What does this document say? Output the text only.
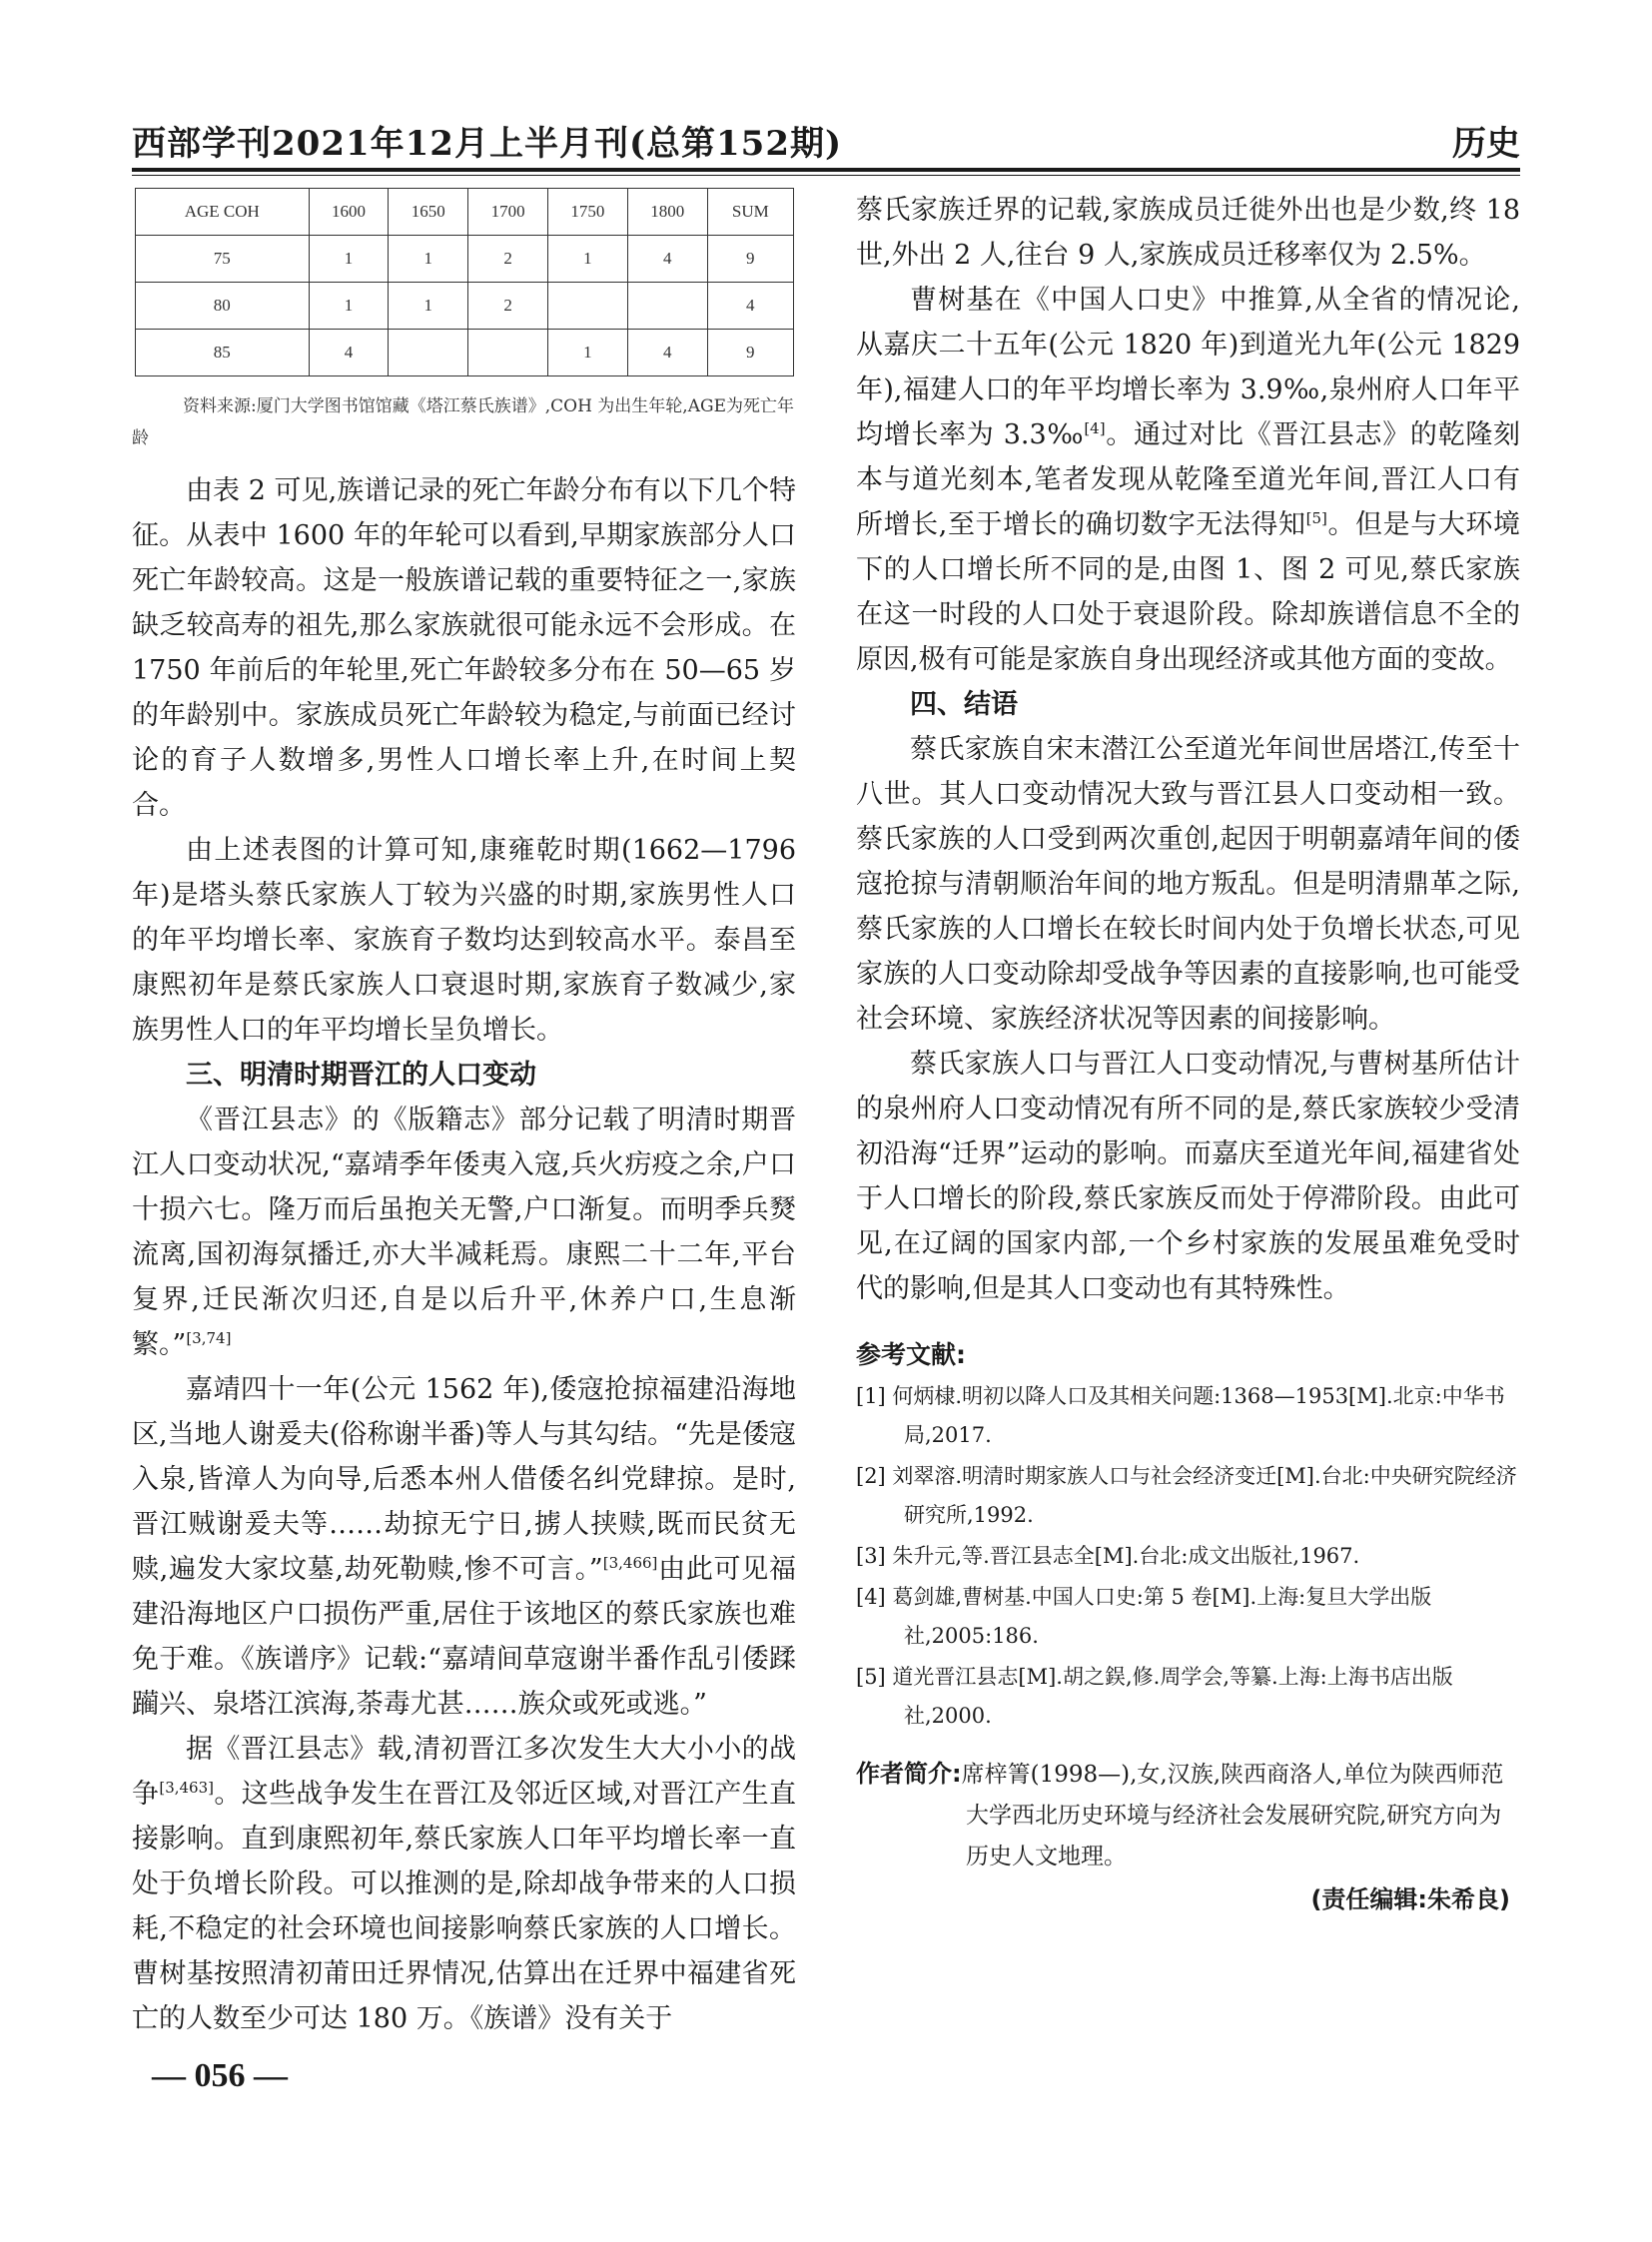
西部学刊2021年12月上半月刊(总第152期)	历史
AGE COH	1600	1650	1700	1750	1800	SUM
75	1	1	2	1	4	9
80	1	1	2			4
85	4			1	4	9
资料来源:厦门大学图书馆馆藏《塔江蔡氏族谱》,COH 为出生年轮,AGE为死亡年龄

由表 2 可见,族谱记录的死亡年龄分布有以下几个特征。从表中 1600 年的年轮可以看到,早期家族部分人口死亡年龄较高。这是一般族谱记载的重要特征之一,家族缺乏较高寿的祖先,那么家族就很可能永远不会形成。在 1750 年前后的年轮里,死亡年龄较多分布在 50—65 岁的年龄别中。家族成员死亡年龄较为稳定,与前面已经讨论的育子人数增多,男性人口增长率上升,在时间上契合。

由上述表图的计算可知,康雍乾时期(1662—1796 年)是塔头蔡氏家族人丁较为兴盛的时期,家族男性人口的年平均增长率、家族育子数均达到较高水平。泰昌至康熙初年是蔡氏家族人口衰退时期,家族育子数减少,家族男性人口的年平均增长呈负增长。

三、明清时期晋江的人口变动

《晋江县志》的《版籍志》部分记载了明清时期晋江人口变动状况,“嘉靖季年倭夷入寇,兵火疠疫之余,户口十损六七。隆万而后虽抱关无警,户口渐复。而明季兵燹流离,国初海氛播迁,亦大半减耗焉。康熙二十二年,平台复界,迁民渐次归还,自是以后升平,休养户口,生息渐繁。”[3,74]

嘉靖四十一年(公元 1562 年),倭寇抢掠福建沿海地区,当地人谢爰夫(俗称谢半番)等人与其勾结。“先是倭寇入泉,皆漳人为向导,后悉本州人借倭名纠党肆掠。是时,晋江贼谢爰夫等……劫掠无宁日,掳人挟赎,既而民贫无赎,遍发大家坟墓,劫死勒赎,惨不可言。”[3,466]由此可见福建沿海地区户口损伤严重,居住于该地区的蔡氏家族也难免于难。《族谱序》记载:“嘉靖间草寇谢半番作乱引倭蹂躏兴、泉塔江滨海,荼毒尤甚……族众或死或逃。”

据《晋江县志》载,清初晋江多次发生大大小小的战争[3,463]。这些战争发生在晋江及邻近区域,对晋江产生直接影响。直到康熙初年,蔡氏家族人口年平均增长率一直处于负增长阶段。可以推测的是,除却战争带来的人口损耗,不稳定的社会环境也间接影响蔡氏家族的人口增长。曹树基按照清初莆田迁界情况,估算出在迁界中福建省死亡的人数至少可达 180 万。《族谱》没有关于

蔡氏家族迁界的记载,家族成员迁徙外出也是少数,终 18 世,外出 2 人,往台 9 人,家族成员迁移率仅为 2.5%。

曹树基在《中国人口史》中推算,从全省的情况论,从嘉庆二十五年(公元 1820 年)到道光九年(公元 1829 年),福建人口的年平均增长率为 3.9‰,泉州府人口年平均增长率为 3.3‰[4]。通过对比《晋江县志》的乾隆刻本与道光刻本,笔者发现从乾隆至道光年间,晋江人口有所增长,至于增长的确切数字无法得知[5]。但是与大环境下的人口增长所不同的是,由图 1、图 2 可见,蔡氏家族在这一时段的人口处于衰退阶段。除却族谱信息不全的原因,极有可能是家族自身出现经济或其他方面的变故。

四、结语

蔡氏家族自宋末潜江公至道光年间世居塔江,传至十八世。其人口变动情况大致与晋江县人口变动相一致。蔡氏家族的人口受到两次重创,起因于明朝嘉靖年间的倭寇抢掠与清朝顺治年间的地方叛乱。但是明清鼎革之际,蔡氏家族的人口增长在较长时间内处于负增长状态,可见家族的人口变动除却受战争等因素的直接影响,也可能受社会环境、家族经济状况等因素的间接影响。

蔡氏家族人口与晋江人口变动情况,与曹树基所估计的泉州府人口变动情况有所不同的是,蔡氏家族较少受清初沿海“迁界”运动的影响。而嘉庆至道光年间,福建省处于人口增长的阶段,蔡氏家族反而处于停滞阶段。由此可见,在辽阔的国家内部,一个乡村家族的发展虽难免受时代的影响,但是其人口变动也有其特殊性。

参考文献:
[1] 何炳棣.明初以降人口及其相关问题:1368—1953[M].北京:中华书局,2017.
[2] 刘翠溶.明清时期家族人口与社会经济变迁[M].台北:中央研究院经济研究所,1992.
[3] 朱升元,等.晋江县志全[M].台北:成文出版社,1967.
[4] 葛剑雄,曹树基.中国人口史:第 5 卷[M].上海:复旦大学出版社,2005:186.
[5] 道光晋江县志[M].胡之鋘,修.周学会,等纂.上海:上海书店出版社,2000.
作者简介:席梓箐(1998—),女,汉族,陕西商洛人,单位为陕西师范大学西北历史环境与经济社会发展研究院,研究方向为历史人文地理。
(责任编辑:朱希良)
— 056 —
